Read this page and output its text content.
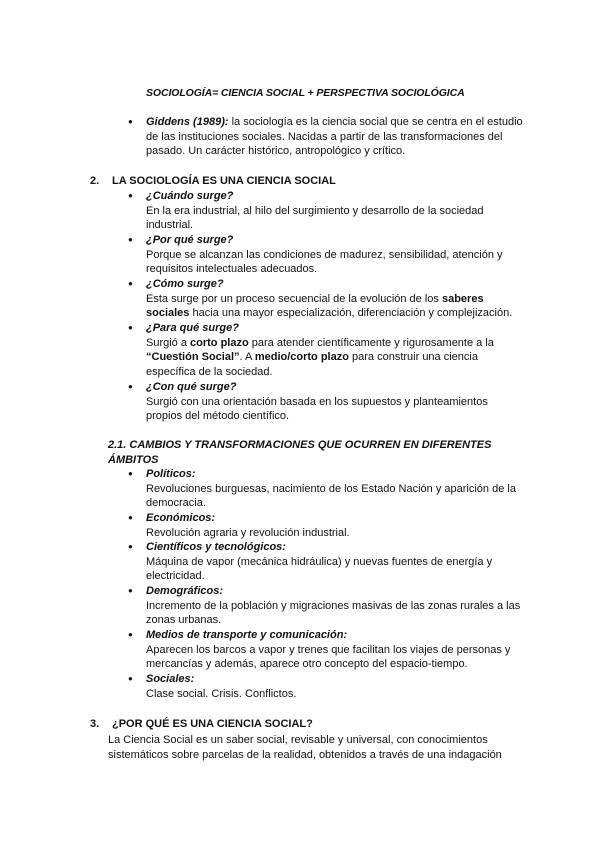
SOCIOLOGÍA= CIENCIA SOCIAL + PERSPECTIVA SOCIOLÓGICA
●	Giddens (1989): la sociología es la ciencia social que se centra en el estudio de las instituciones sociales. Nacidas a partir de las transformaciones del pasado. Un carácter histórico, antropológico y crítico.
2. LA SOCIOLOGÍA ES UNA CIENCIA SOCIAL
●	¿Cuándo surge?
En la era industrial, al hilo del surgimiento y desarrollo de la sociedad industrial.
●	¿Por qué surge?
Porque se alcanzan las condiciones de madurez, sensibilidad, atención y requisitos intelectuales adecuados.
●	¿Cómo surge?
Esta surge por un proceso secuencial de la evolución de los saberes sociales hacia una mayor especialización, diferenciación y complejización.
●	¿Para qué surge?
Surgió a corto plazo para atender científicamente y rigurosamente a la “Cuestión Social”. A medio/corto plazo para construir una ciencia específica de la sociedad.
●	¿Con qué surge?
Surgió con una orientación basada en los supuestos y planteamientos propios del método científico.
2.1. CAMBIOS Y TRANSFORMACIONES QUE OCURREN EN DIFERENTES ÁMBITOS
●	Políticos:
Revoluciones burguesas, nacimiento de los Estado Nación y aparición de la democracia.
●	Económicos:
Revolución agraria y revolución industrial.
●	Científicos y tecnológicos:
Máquina de vapor (mecánica hidráulica) y nuevas fuentes de energía y electricidad.
●	Demográficos:
Incremento de la población y migraciones masivas de las zonas rurales a las zonas urbanas.
●	Medios de transporte y comunicación:
Aparecen los barcos a vapor y trenes que facilitan los viajes de personas y mercancías y además, aparece otro concepto del espacio-tiempo.
●	Sociales:
Clase social. Crisis. Conflictos.
3. ¿POR QUÉ ES UNA CIENCIA SOCIAL?
La Ciencia Social es un saber social, revisable y universal, con conocimientos sistemáticos sobre parcelas de la realidad, obtenidos a través de una indagación
